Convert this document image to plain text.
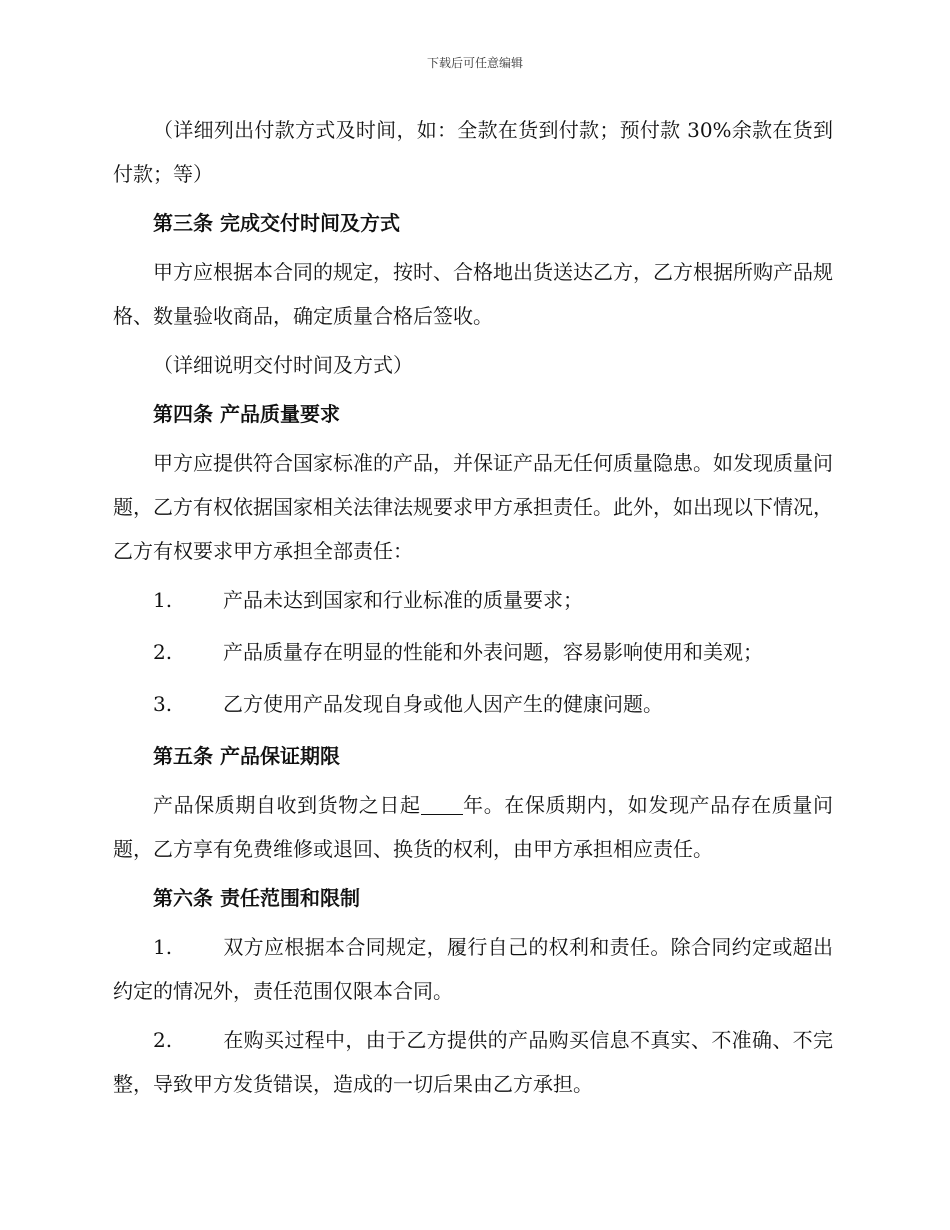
下载后可任意编辑

（详细列出付款方式及时间，如：全款在货到付款；预付款 30%余款在货到付款；等）

第三条 完成交付时间及方式

甲方应根据本合同的规定，按时、合格地出货送达乙方，乙方根据所购产品规格、数量验收商品，确定质量合格后签收。

（详细说明交付时间及方式）

第四条 产品质量要求

甲方应提供符合国家标准的产品，并保证产品无任何质量隐患。如发现质量问题，乙方有权依据国家相关法律法规要求甲方承担责任。此外，如出现以下情况，乙方有权要求甲方承担全部责任：

1.	产品未达到国家和行业标准的质量要求；

2.	产品质量存在明显的性能和外表问题，容易影响使用和美观；

3.	乙方使用产品发现自身或他人因产生的健康问题。

第五条 产品保证期限

产品保质期自收到货物之日起 年。在保质期内，如发现产品存在质量问题，乙方享有免费维修或退回、换货的权利，由甲方承担相应责任。

第六条 责任范围和限制

1.	双方应根据本合同规定，履行自己的权利和责任。除合同约定或超出约定的情况外，责任范围仅限本合同。

2.	在购买过程中，由于乙方提供的产品购买信息不真实、不准确、不完整，导致甲方发货错误，造成的一切后果由乙方承担。
